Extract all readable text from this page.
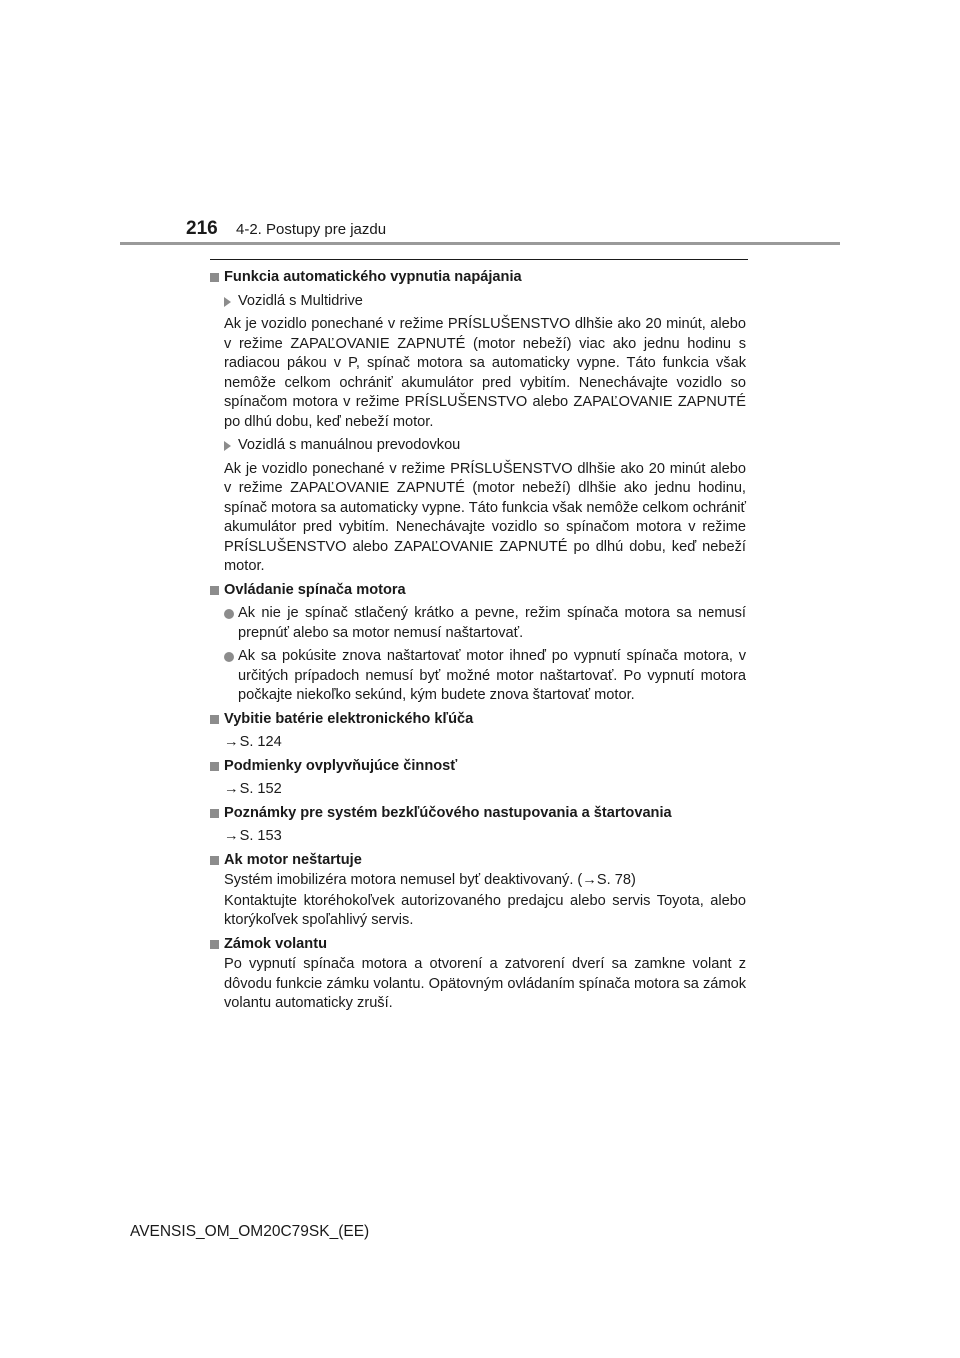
216 4-2. Postupy pre jazdu
Funkcia automatického vypnutia napájania
Vozidlá s Multidrive
Ak je vozidlo ponechané v režime PRÍSLUŠENSTVO dlhšie ako 20 minút, alebo v režime ZAPAĽOVANIE ZAPNUTÉ (motor nebeží) viac ako jednu hodinu s radiacou pákou v P, spínač motora sa automaticky vypne. Táto funkcia však nemôže celkom ochrániť akumulátor pred vybitím. Nenechávajte vozidlo so spínačom motora v režime PRÍSLUŠENSTVO alebo ZAPAĽOVANIE ZAPNUTÉ po dlhú dobu, keď nebeží motor.
Vozidlá s manuálnou prevodovkou
Ak je vozidlo ponechané v režime PRÍSLUŠENSTVO dlhšie ako 20 minút alebo v režime ZAPAĽOVANIE ZAPNUTÉ (motor nebeží) dlhšie ako jednu hodinu, spínač motora sa automaticky vypne. Táto funkcia však nemôže celkom ochrániť akumulátor pred vybitím. Nenechávajte vozidlo so spínačom motora v režime PRÍSLUŠENSTVO alebo ZAPAĽOVANIE ZAPNUTÉ po dlhú dobu, keď nebeží motor.
Ovládanie spínača motora
Ak nie je spínač stlačený krátko a pevne, režim spínača motora sa nemusí prepnúť alebo sa motor nemusí naštartovať.
Ak sa pokúsite znova naštartovať motor ihneď po vypnutí spínača motora, v určitých prípadoch nemusí byť možné motor naštartovať. Po vypnutí motora počkajte niekoľko sekúnd, kým budete znova štartovať motor.
Vybitie batérie elektronického kľúča
→S. 124
Podmienky ovplyvňujúce činnosť
→S. 152
Poznámky pre systém bezkľúčového nastupovania a štartovania
→S. 153
Ak motor neštartuje
Systém imobilizéra motora nemusel byť deaktivovaný. (→S. 78)
Kontaktujte ktoréhokoľvek autorizovaného predajcu alebo servis Toyota, alebo ktorýkoľvek spoľahlivý servis.
Zámok volantu
Po vypnutí spínača motora a otvorení a zatvorení dverí sa zamkne volant z dôvodu funkcie zámku volantu. Opätovným ovládaním spínača motora sa zámok volantu automaticky zruší.
AVENSIS_OM_OM20C79SK_(EE)
